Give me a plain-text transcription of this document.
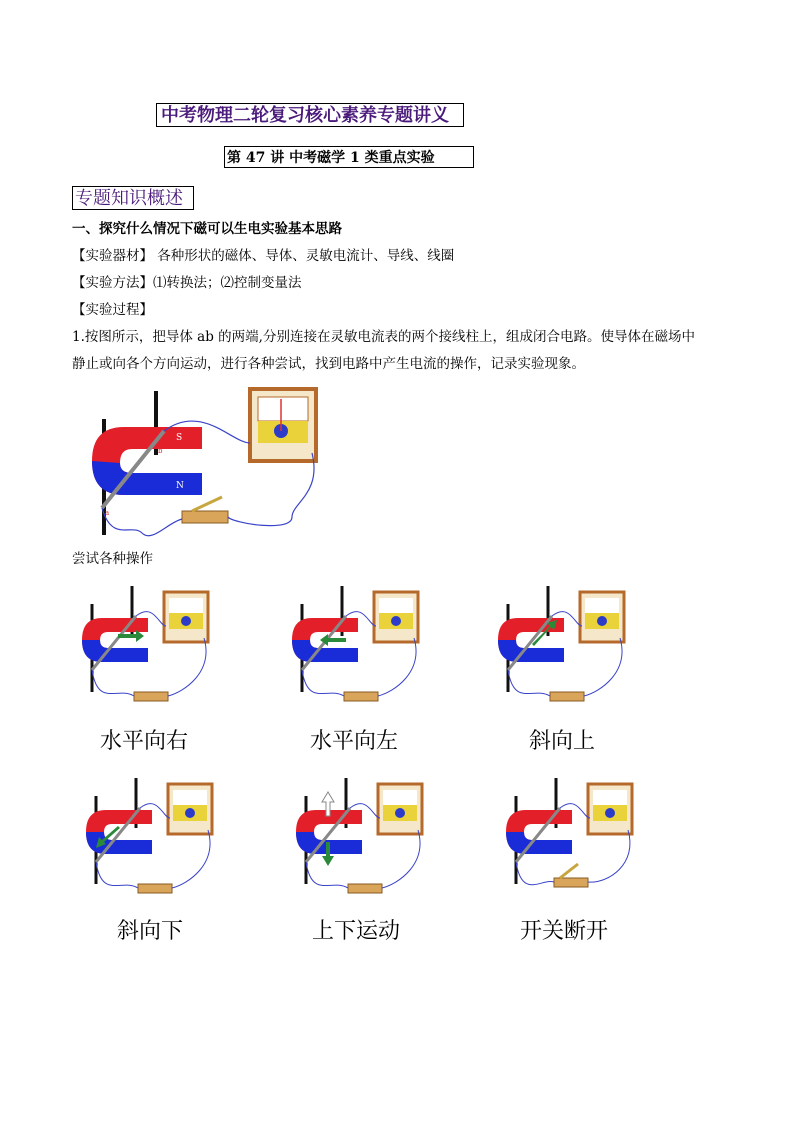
中考物理二轮复习核心素养专题讲义
第 47 讲 中考磁学 1 类重点实验
专题知识概述
一、探究什么情况下磁可以生电实验基本思路
【实验器材】 各种形状的磁体、导体、灵敏电流计、导线、线圈
【实验方法】⑴转换法；⑵控制变量法
【实验过程】
1.按图所示，把导体 ab 的两端,分别连接在灵敏电流表的两个接线柱上，组成闭合电路。使导体在磁场中
静止或向各个方向运动，进行各种尝试，找到电路中产生电流的操作，记录实验现象。
S
N
a
b
尝试各种操作
水平向右	水平向左	斜向上
斜向下	上下运动	开关断开
